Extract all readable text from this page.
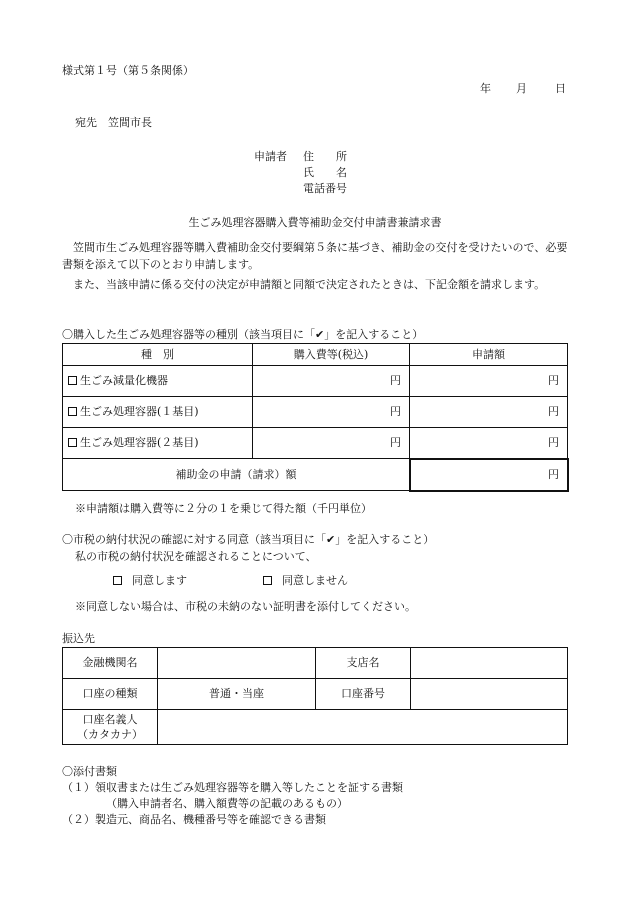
様式第１号（第５条関係）
年 月	日
宛先　笠間市長
申請者 住　　所
氏　　名
電話番号
生ごみ処理容器購入費等補助金交付申請書兼請求書
笠間市生ごみ処理容器等購入費補助金交付要綱第５条に基づき、補助金の交付を受けたいので、必要書類を添えて以下のとおり申請します。
また、当該申請に係る交付の決定が申請額と同額で決定されたときは、下記金額を請求します。
〇購入した生ごみ処理容器等の種別（該当項目に「✔」を記入すること）
種　別	購入費等(税込)	申請額
生ごみ減量化機器	円	円
生ごみ処理容器(１基目)	円	円
生ごみ処理容器(２基目)	円	円
補助金の申請（請求）額		円
※申請額は購入費等に２分の１を乗じて得た額（千円単位）
〇市税の納付状況の確認に対する同意（該当項目に「✔」を記入すること）
私の市税の納付状況を確認されることについて、
同意します	同意しません
※同意しない場合は、市税の未納のない証明書を添付してください。
振込先
金融機関名		支店名	
口座の種類	普通・当座	口座番号	
口座名義人
（カタカナ）			
〇添付書類
（１）領収書または生ごみ処理容器等を購入等したことを証する書類
（購入申請者名、購入額費等の記載のあるもの）
（２）製造元、商品名、機種番号等を確認できる書類
